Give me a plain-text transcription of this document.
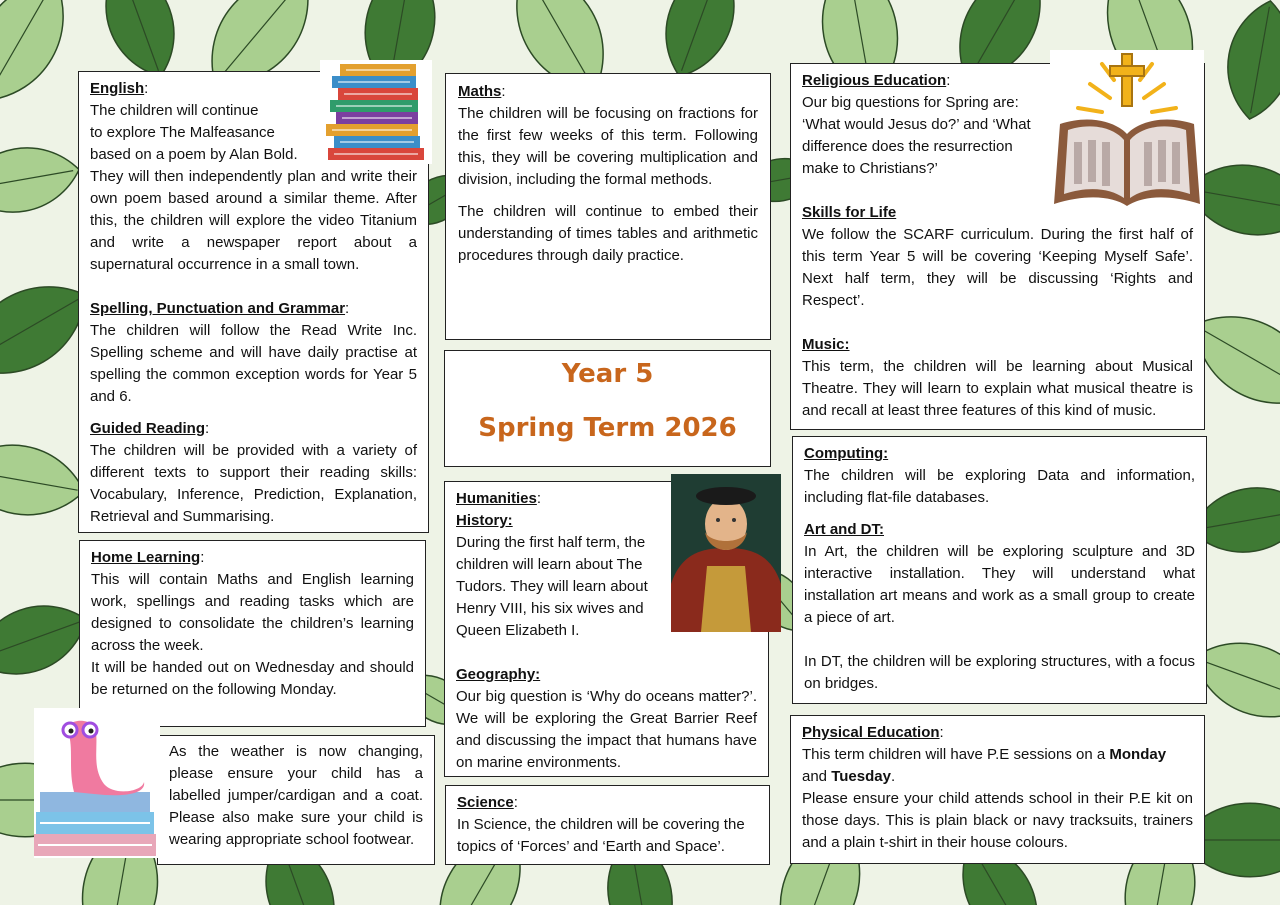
English:

The children will continue

to explore The Malfeasance

based on a poem by Alan Bold.

They will then independently plan and write their own poem based around a similar theme. After this, the children will explore the video Titanium and write a newspaper report about a supernatural occurrence in a small town.

Spelling, Punctuation and Grammar:

The children will follow the Read Write Inc. Spelling scheme and will have daily practise at spelling the common exception words for Year 5 and 6.

Guided Reading:

The children will be provided with a variety of different texts to support their reading skills: Vocabulary, Inference, Prediction, Explanation, Retrieval and Summarising.

Home Learning:

This will contain Maths and English learning work, spellings and reading tasks which are designed to consolidate the children’s learning across the week.

It will be handed out on Wednesday and should be returned on the following Monday.

As the weather is now changing, please ensure your child has a labelled jumper/cardigan and a coat. Please also make sure your child is wearing appropriate school footwear.

Maths:

The children will be focusing on fractions for the first few weeks of this term. Following this, they will be covering multiplication and division, including the formal methods.

The children will continue to embed their understanding of times tables and arithmetic procedures through daily practice.

Year 5
Spring Term 2026

Humanities:

History:

During the first half term, the

children will learn about The

Tudors. They will learn about

Henry VIII, his six wives and

Queen Elizabeth I.

Geography:

Our big question is ‘Why do oceans matter?’. We will be exploring the Great Barrier Reef and discussing the impact that humans have on marine environments.

Science:

In Science, the children will be covering the topics of ‘Forces’ and ‘Earth and Space’.

Religious Education:

Our big questions for Spring are:

‘What would Jesus do?’ and ‘What

difference does the resurrection

make to Christians?’

Skills for Life

We follow the SCARF curriculum. During the first half of this term Year 5 will be covering ‘Keeping Myself Safe’. Next half term, they will be discussing ‘Rights and Respect’.

Music:

This term, the children will be learning about Musical Theatre. They will learn to explain what musical theatre is and recall at least three features of this kind of music.

Computing:

The children will be exploring Data and information, including flat-file databases.

Art and DT:

In Art, the children will be exploring sculpture and 3D interactive installation. They will understand what installation art means and work as a small group to create a piece of art.

In DT, the children will be exploring structures, with a focus on bridges.

Physical Education:

This term children will have P.E sessions on a Monday and Tuesday.

Please ensure your child attends school in their P.E kit on those days. This is plain black or navy tracksuits, trainers and a plain t-shirt in their house colours.
